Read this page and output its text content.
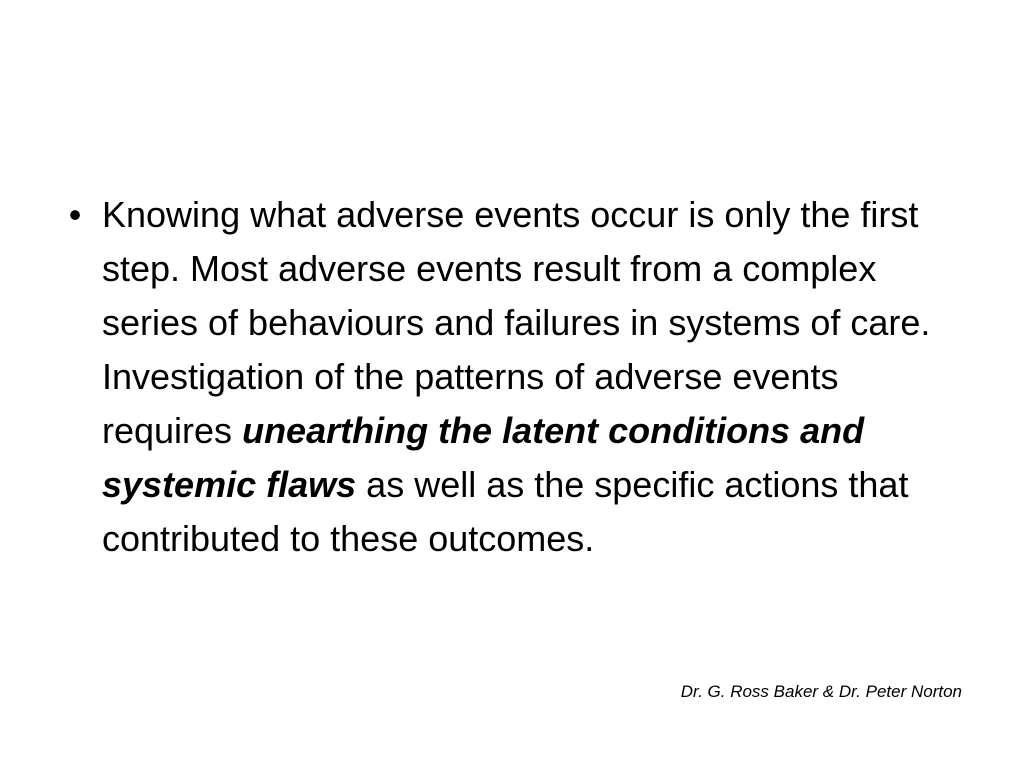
• Knowing what adverse events occur is only the first step. Most adverse events result from a complex series of behaviours and failures in systems of care. Investigation of the patterns of adverse events requires unearthing the latent conditions and systemic flaws as well as the specific actions that contributed to these outcomes.
Dr. G. Ross Baker & Dr. Peter Norton
